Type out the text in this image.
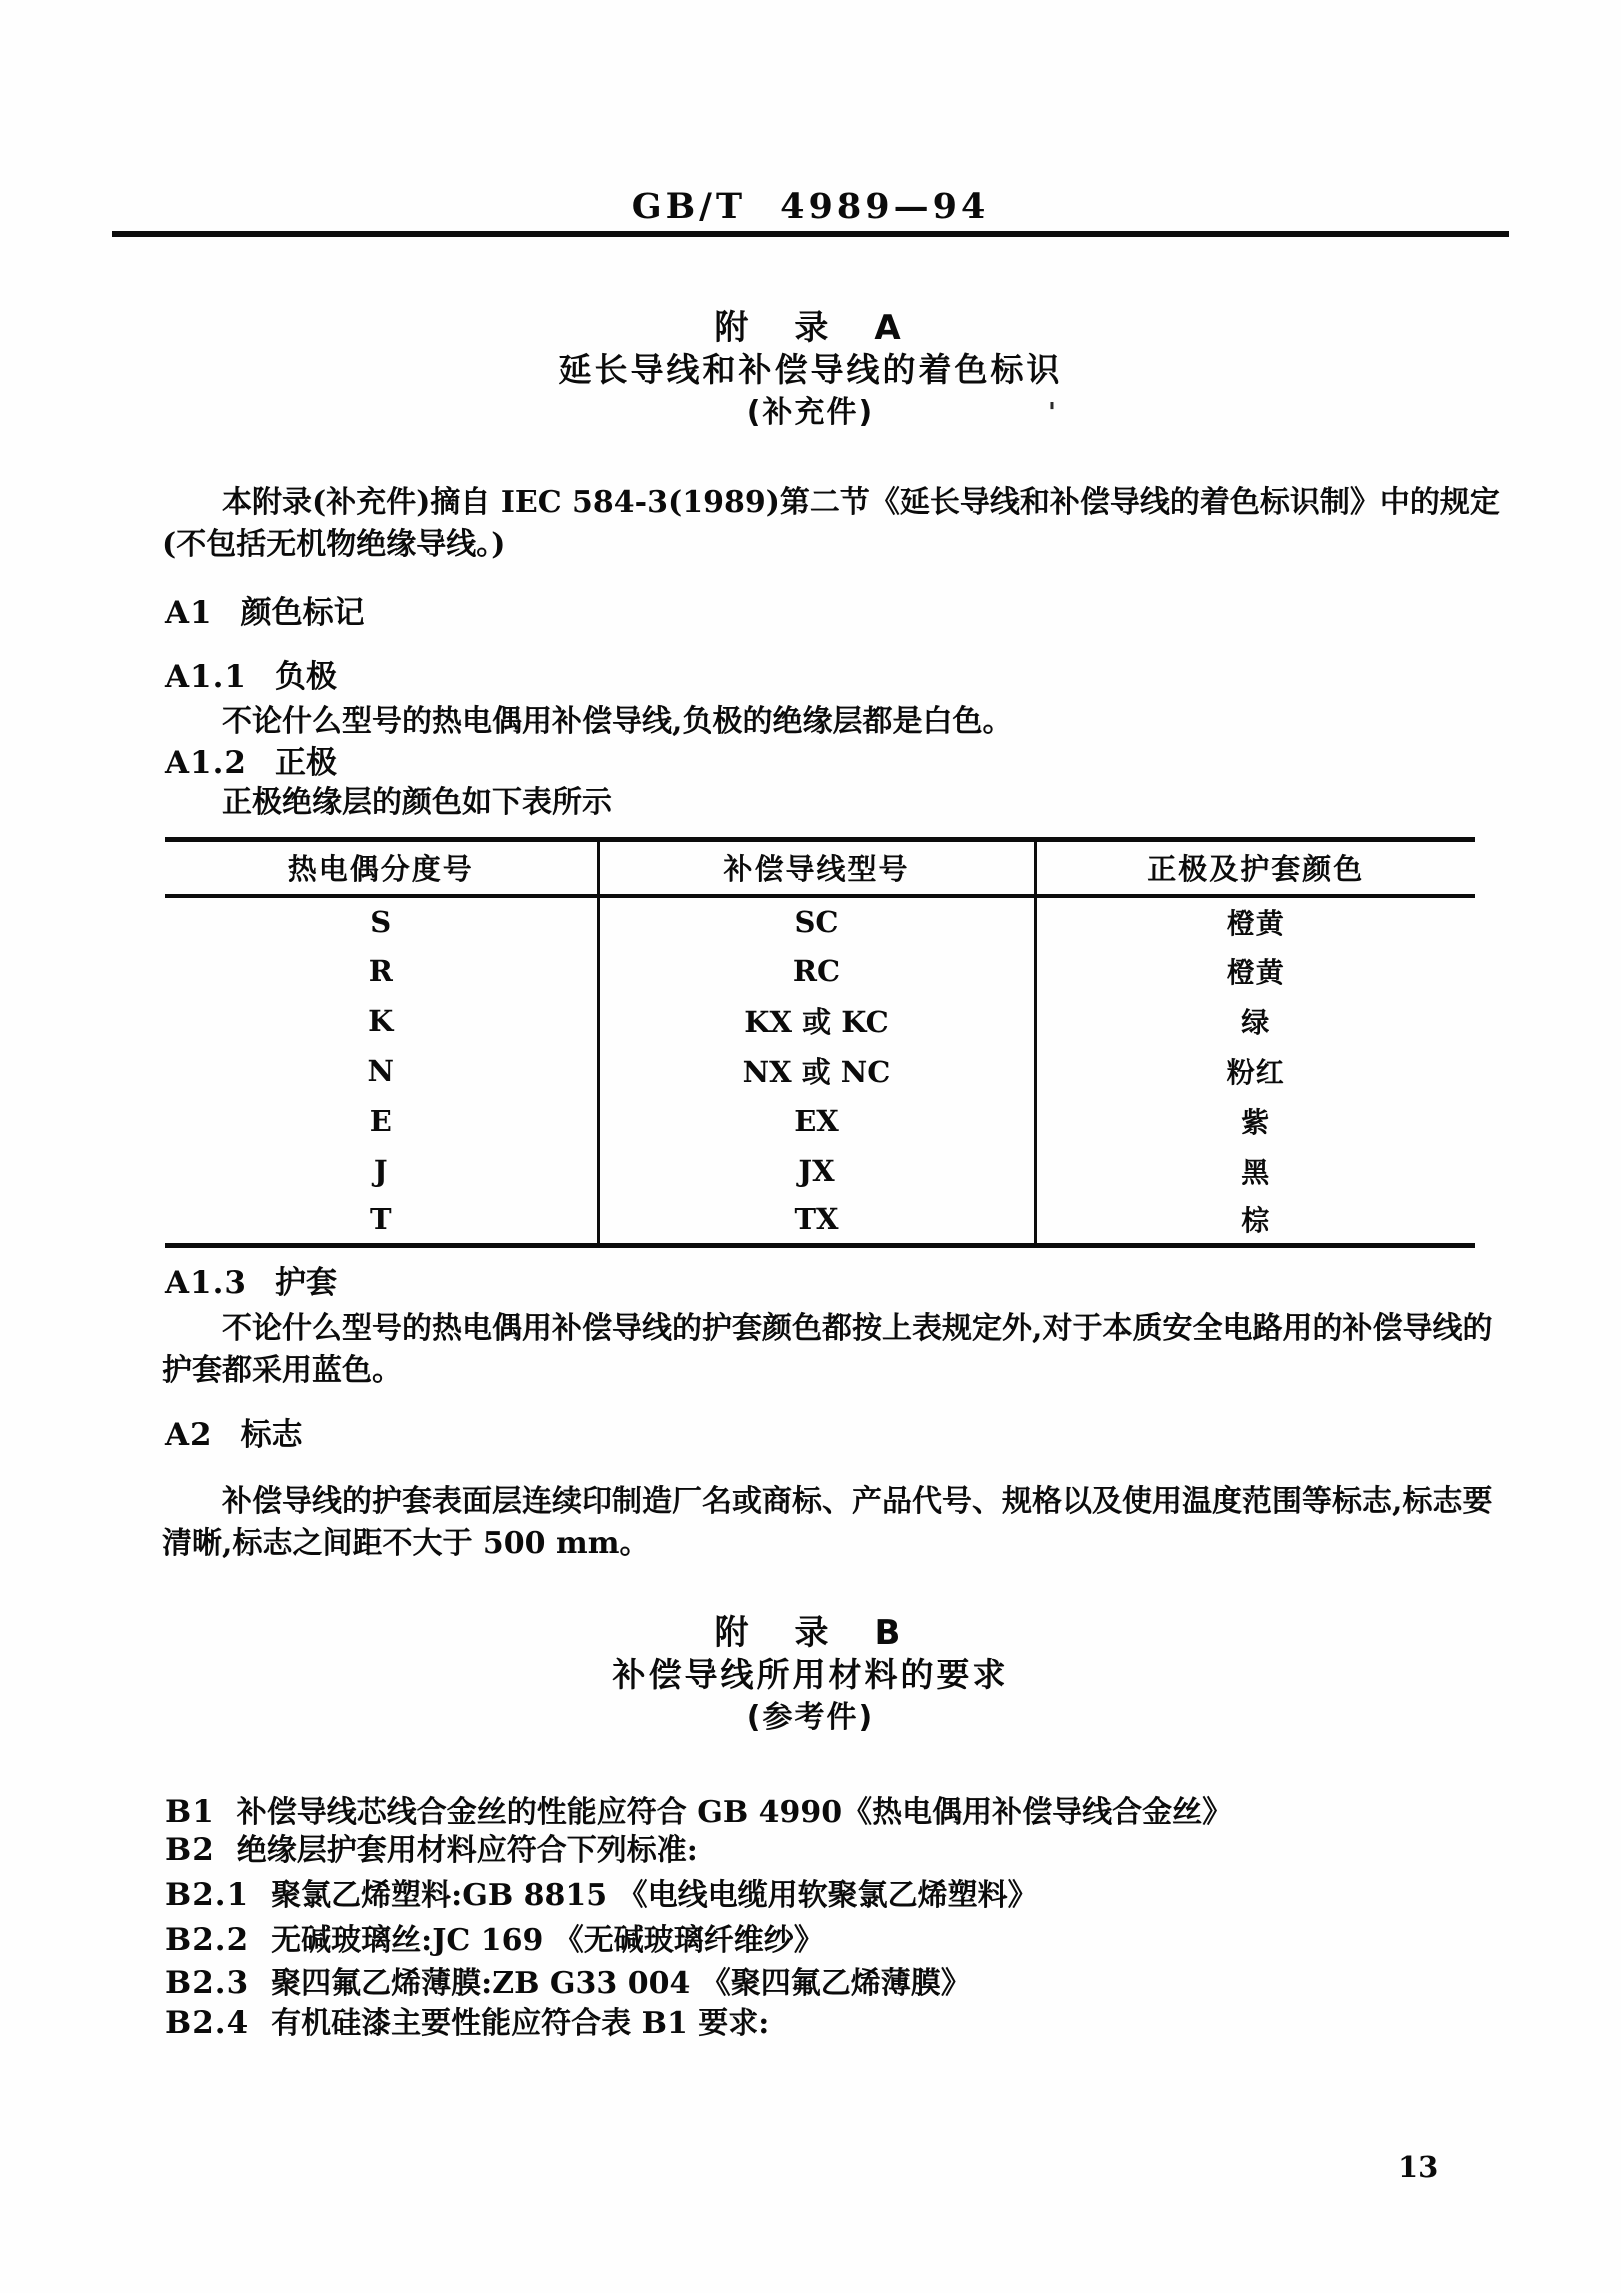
GB/T 4989—94
附　录　A
延长导线和补偿导线的着色标识
(补充件)	'
本附录(补充件)摘自 IEC 584-3(1989)第二节《延长导线和补偿导线的着色标识制》中的规定(不包括无机物绝缘导线。)
A1 颜色标记
A1.1 负极
不论什么型号的热电偶用补偿导线,负极的绝缘层都是白色。
A1.2 正极
正极绝缘层的颜色如下表所示
热电偶分度号	补偿导线型号	正极及护套颜色
S	SC	橙黄
R	RC	橙黄
K	KX 或 KC	绿
N	NX 或 NC	粉红
E	EX	紫
J	JX	黑
T	TX	棕
A1.3 护套
不论什么型号的热电偶用补偿导线的护套颜色都按上表规定外,对于本质安全电路用的补偿导线的护套都采用蓝色。
A2 标志
补偿导线的护套表面层连续印制造厂名或商标、产品代号、规格以及使用温度范围等标志,标志要清晰,标志之间距不大于 500 mm。
附　录　B
补偿导线所用材料的要求
(参考件)
B1 补偿导线芯线合金丝的性能应符合 GB 4990《热电偶用补偿导线合金丝》
B2 绝缘层护套用材料应符合下列标准:
B2.1 聚氯乙烯塑料:GB 8815 《电线电缆用软聚氯乙烯塑料》
B2.2 无碱玻璃丝:JC 169 《无碱玻璃纤维纱》
B2.3 聚四氟乙烯薄膜:ZB G33 004 《聚四氟乙烯薄膜》
B2.4 有机硅漆主要性能应符合表 B1 要求:
13
